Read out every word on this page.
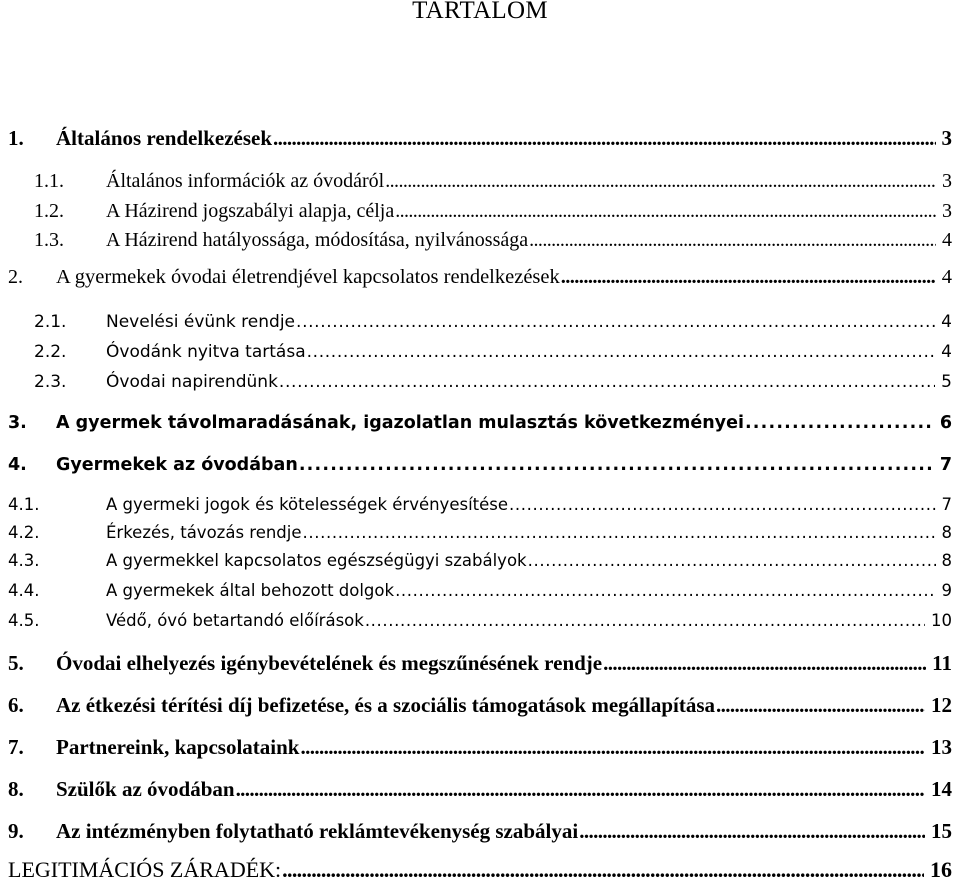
TARTALOM
1. Általános rendelkezések . . .	3
1.1. Általános információk az óvodáról . . .	3
1.2. A Házirend jogszabályi alapja, célja . . .	3
1.3. A Házirend hatályossága, módosítása, nyilvánossága . . .	4
2. A gyermekek óvodai életrendjével kapcsolatos rendelkezések . . .	4
2.1. Nevelési évünk rendje . . .	4
2.2. Óvodánk nyitva tartása . . .	4
2.3. Óvodai napirendünk . . .	5
3. A gyermek távolmaradásának, igazolatlan mulasztás következményei . . .	6
4. Gyermekek az óvodában . . .	7
4.1.	A gyermeki jogok és kötelességek érvényesítése . . .	7
4.2.	Érkezés, távozás rendje . . .	8
4.3.	A gyermekkel kapcsolatos egészségügyi szabályok . . .	8
4.4.	A gyermekek által behozott dolgok . . .	9
4.5.	Védő, óvó betartandó előírások . . .	10
5. Óvodai elhelyezés igénybevételének és megszűnésének rendje . . .	11
6. Az étkezési térítési díj befizetése, és a szociális támogatások megállapítása . . .	12
7. Partnereink, kapcsolataink . . .	13
8. Szülők az óvodában . . .	14
9. Az intézményben folytatható reklámtevékenység szabályai . . .	15
LEGITIMÁCIÓS ZÁRADÉK: . . .	16
